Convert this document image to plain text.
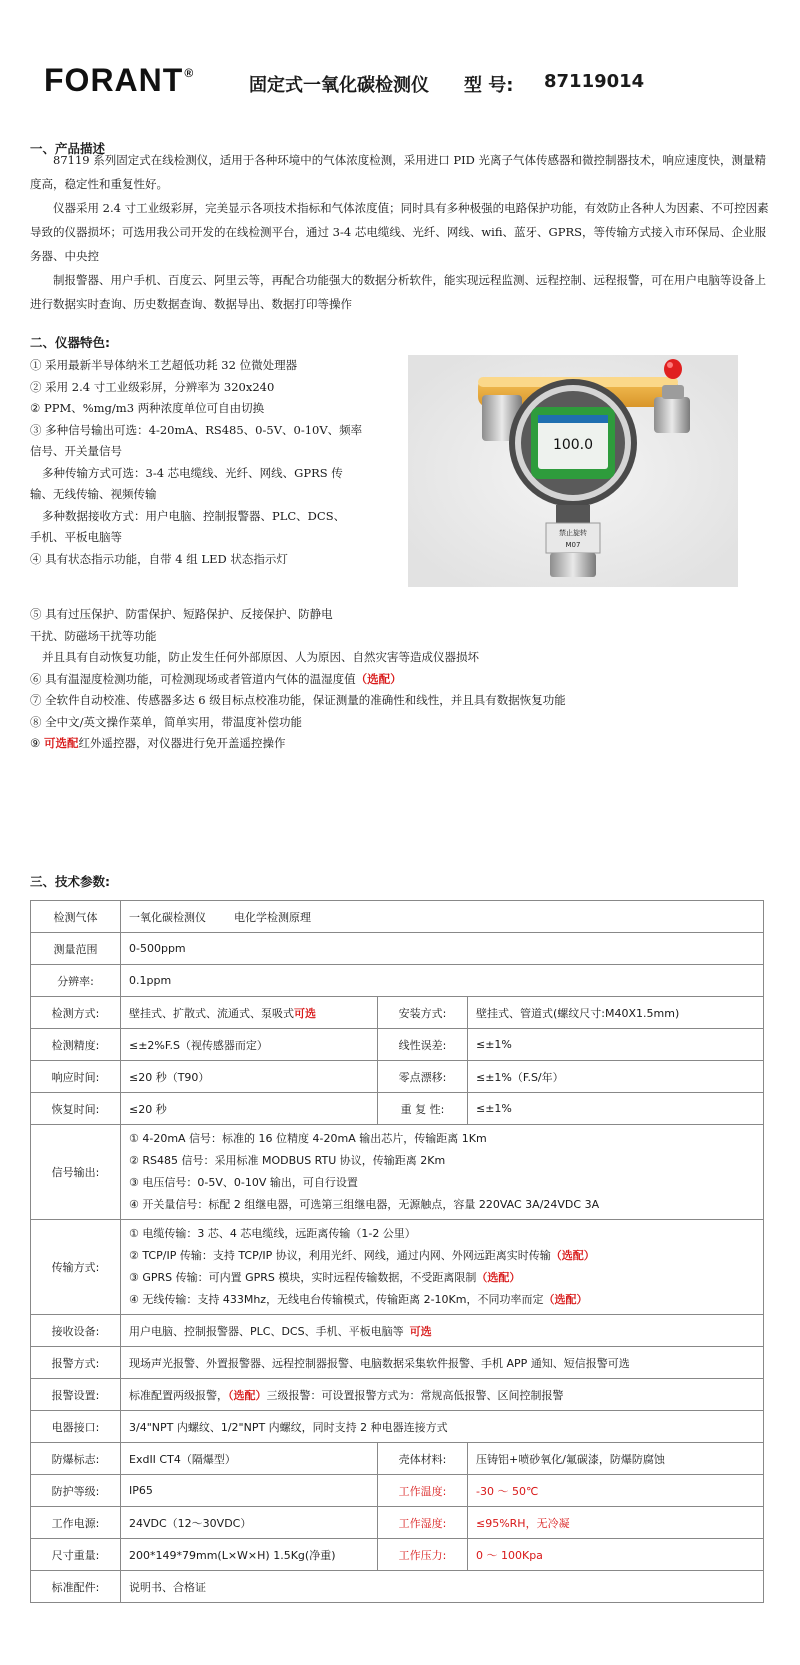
FORANT®
固定式一氧化碳检测仪 型 号: 87119014
一、产品描述
87119 系列固定式在线检测仪，适用于各种环境中的气体浓度检测，采用进口 PID 光离子气体传感器和微控制器技术，响应速度快，测量精度高，稳定性和重复性好。
仪器采用 2.4 寸工业级彩屏，完美显示各项技术指标和气体浓度值；同时具有多种极强的电路保护功能，有效防止各种人为因素、不可控因素导致的仪器损坏；可选用我公司开发的在线检测平台，通过 3-4 芯电缆线、光纤、网线、wifi、蓝牙、GPRS，等传输方式接入市环保局、企业服务器、中央控
制报警器、用户手机、百度云、阿里云等，再配合功能强大的数据分析软件，能实现远程监测、远程控制、远程报警，可在用户电脑等设备上进行数据实时查询、历史数据查询、数据导出、数据打印等操作
二、仪器特色:
① 采用最新半导体纳米工艺超低功耗 32 位微处理器
② 采用 2.4 寸工业级彩屏，分辨率为 320x240
② PPM、%mg/m3 两种浓度单位可自由切换
③ 多种信号输出可选：4-20mA、RS485、0-5V、0-10V、频率
信号、开关量信号
多种传输方式可选：3-4 芯电缆线、光纤、网线、GPRS 传
输、无线传输、视频传输
多种数据接收方式：用户电脑、控制报警器、PLC、DCS、
手机、平板电脑等
④ 具有状态指示功能，自带 4 组 LED 状态指示灯
⑤ 具有过压保护、防雷保护、短路保护、反接保护、防静电
干扰、防磁场干扰等功能
并且具有自动恢复功能，防止发生任何外部原因、人为原因、自然灾害等造成仪器损坏
⑥ 具有温湿度检测功能，可检测现场或者管道内气体的温湿度值（选配）
⑦ 全软件自动校准、传感器多达 6 级目标点校准功能，保证测量的准确性和线性，并且具有数据恢复功能
⑧ 全中文/英文操作菜单，简单实用，带温度补偿功能
⑨ 可选配红外遥控器，对仪器进行免开盖遥控操作
100.0
禁止旋转
M07
三、技术参数:
检测气体	一氧化碳检测仪 电化学检测原理		
测量范围	0-500ppm		
分辨率:	0.1ppm		
检测方式:	壁挂式、扩散式、流通式、泵吸式可选	安装方式:	壁挂式、管道式(螺纹尺寸:M40X1.5mm)
检测精度:	≤±2%F.S（视传感器而定）	线性误差:	≤±1%
响应时间:	≤20 秒（T90）	零点漂移:	≤±1%（F.S/年）
恢复时间:	≤20 秒	重 复 性:	≤±1%
信号输出:	① 4-20mA 信号：标准的 16 位精度 4-20mA 输出芯片，传输距离 1Km
② RS485 信号：采用标准 MODBUS RTU 协议，传输距离 2Km
③ 电压信号：0-5V、0-10V 输出，可自行设置
④ 开关量信号：标配 2 组继电器，可选第三组继电器，无源触点，容量 220VAC 3A/24VDC 3A		

传输方式:	① 电缆传输：3 芯、4 芯电缆线，远距离传输（1-2 公里）
② TCP/IP 传输：支持 TCP/IP 协议，利用光纤、网线，通过内网、外网远距离实时传输（选配）
③ GPRS 传输：可内置 GPRS 模块，实时远程传输数据，不受距离限制（选配）
④ 无线传输：支持 433Mhz，无线电台传输模式，传输距离 2-10Km，不同功率而定（选配）		

接收设备:	用户电脑、控制报警器、PLC、DCS、手机、平板电脑等 可选		
报警方式:	现场声光报警、外置报警器、远程控制器报警、电脑数据采集软件报警、手机 APP 通知、短信报警可选		
报警设置:	标准配置两级报警，（选配）三级报警：可设置报警方式为：常规高低报警、区间控制报警		
电器接口:	3/4"NPT 内螺纹、1/2"NPT 内螺纹，同时支持 2 种电器连接方式		
防爆标志:	ExdII CT4（隔爆型）	壳体材料:	压铸铝+喷砂氧化/氟碳漆，防爆防腐蚀
防护等级:	IP65	工作温度:	-30 ～ 50℃
工作电源:	24VDC（12～30VDC）	工作湿度:	≤95%RH，无冷凝
尺寸重量:	200*149*79mm(L×W×H) 1.5Kg(净重)	工作压力:	0 ～ 100Kpa
标准配件:	说明书、合格证		
